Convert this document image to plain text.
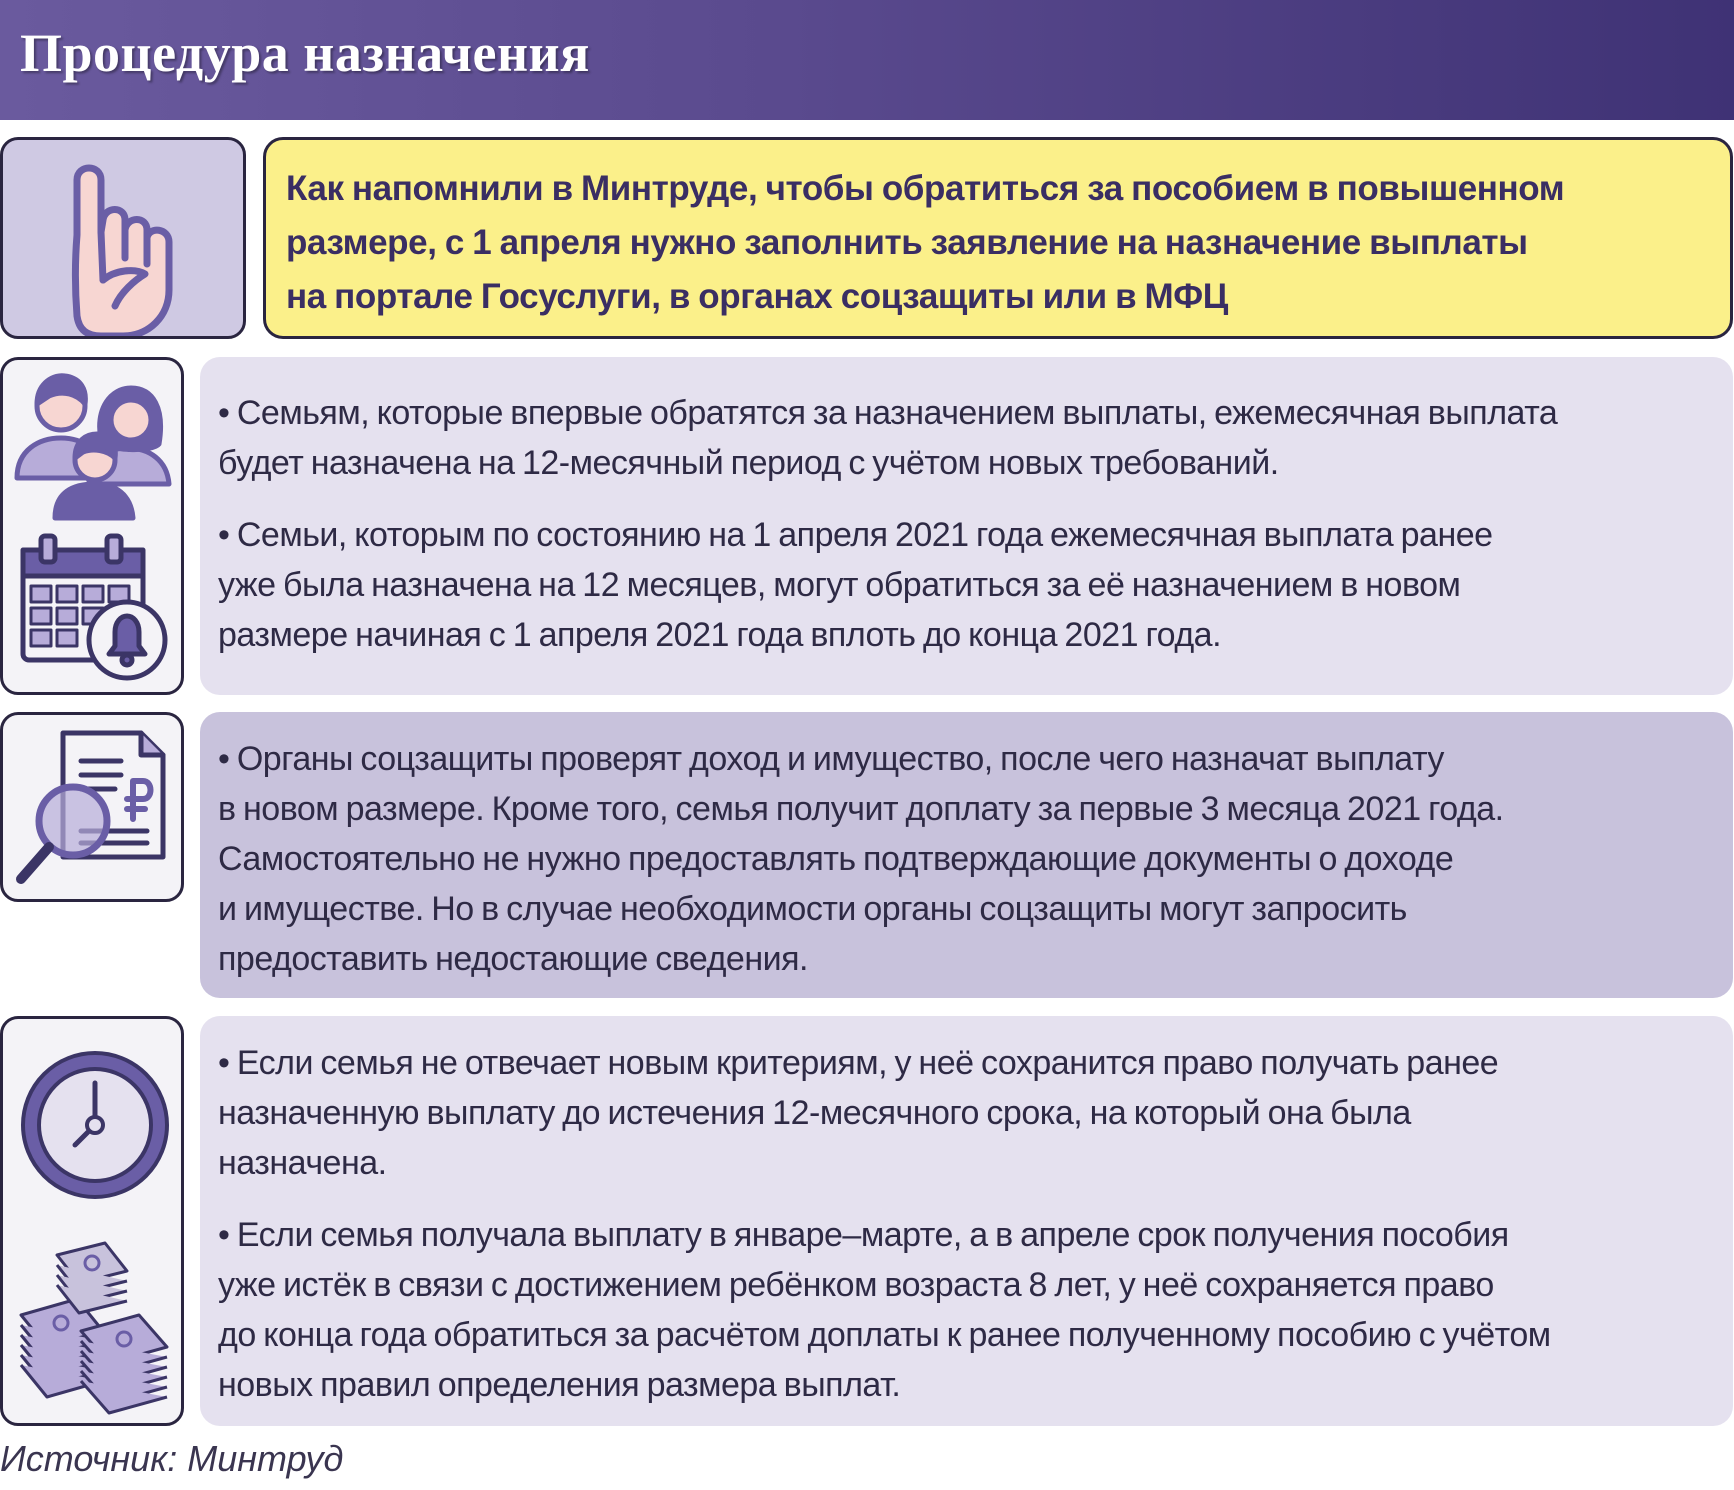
Процедура назначения
Как напомнили в Минтруде, чтобы обратиться за пособием в повышенном
размере, с 1 апреля нужно заполнить заявление на назначение выплаты
на портале Госуслуги, в органах соцзащиты или в МФЦ

• Семьям, которые впервые обратятся за назначением выплаты, ежемесячная выплата

будет назначена на 12-месячный период с учётом новых требований.

• Семьи, которым по состоянию на 1 апреля 2021 года ежемесячная выплата ранее

уже была назначена на 12 месяцев, могут обратиться за её назначением в новом

размере начиная с 1 апреля 2021 года вплоть до конца 2021 года.

• Органы соцзащиты проверят доход и имущество, после чего назначат выплату

в новом размере. Кроме того, семья получит доплату за первые 3 месяца 2021 года.

Самостоятельно не нужно предоставлять подтверждающие документы о доходе

и имуществе. Но в случае необходимости органы соцзащиты могут запросить

предоставить недостающие сведения.

• Если семья не отвечает новым критериям, у неё сохранится право получать ранее

назначенную выплату до истечения 12-месячного срока, на который она была

назначена.

• Если семья получала выплату в январе–марте, а в апреле срок получения пособия

уже истёк в связи с достижением ребёнком возраста 8 лет, у неё сохраняется право

до конца года обратиться за расчётом доплаты к ранее полученному пособию с учётом

новых правил определения размера выплат.

Источник: Минтруд
